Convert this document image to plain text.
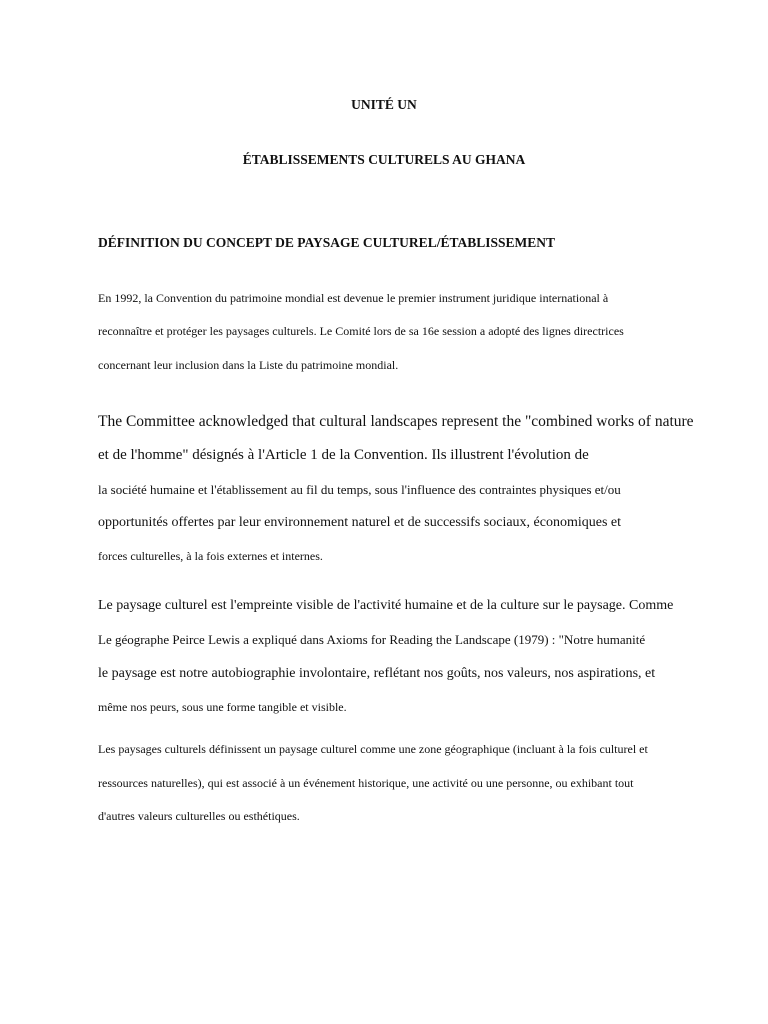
UNITÉ UN
ÉTABLISSEMENTS CULTURELS AU GHANA
DÉFINITION DU CONCEPT DE PAYSAGE CULTUREL/ÉTABLISSEMENT
En 1992, la Convention du patrimoine mondial est devenue le premier instrument juridique international à
reconnaître et protéger les paysages culturels. Le Comité lors de sa 16e session a adopté des lignes directrices
concernant leur inclusion dans la Liste du patrimoine mondial.
The Committee acknowledged that cultural landscapes represent the "combined works of nature
et de l'homme" désignés à l'Article 1 de la Convention. Ils illustrent l'évolution de
la société humaine et l'établissement au fil du temps, sous l'influence des contraintes physiques et/ou
opportunités offertes par leur environnement naturel et de successifs sociaux, économiques et
forces culturelles, à la fois externes et internes.
Le paysage culturel est l'empreinte visible de l'activité humaine et de la culture sur le paysage. Comme
Le géographe Peirce Lewis a expliqué dans Axioms for Reading the Landscape (1979) : "Notre humanité
le paysage est notre autobiographie involontaire, reflétant nos goûts, nos valeurs, nos aspirations, et
même nos peurs, sous une forme tangible et visible.
Les paysages culturels définissent un paysage culturel comme une zone géographique (incluant à la fois culturel et
ressources naturelles), qui est associé à un événement historique, une activité ou une personne, ou exhibant tout
d'autres valeurs culturelles ou esthétiques.
